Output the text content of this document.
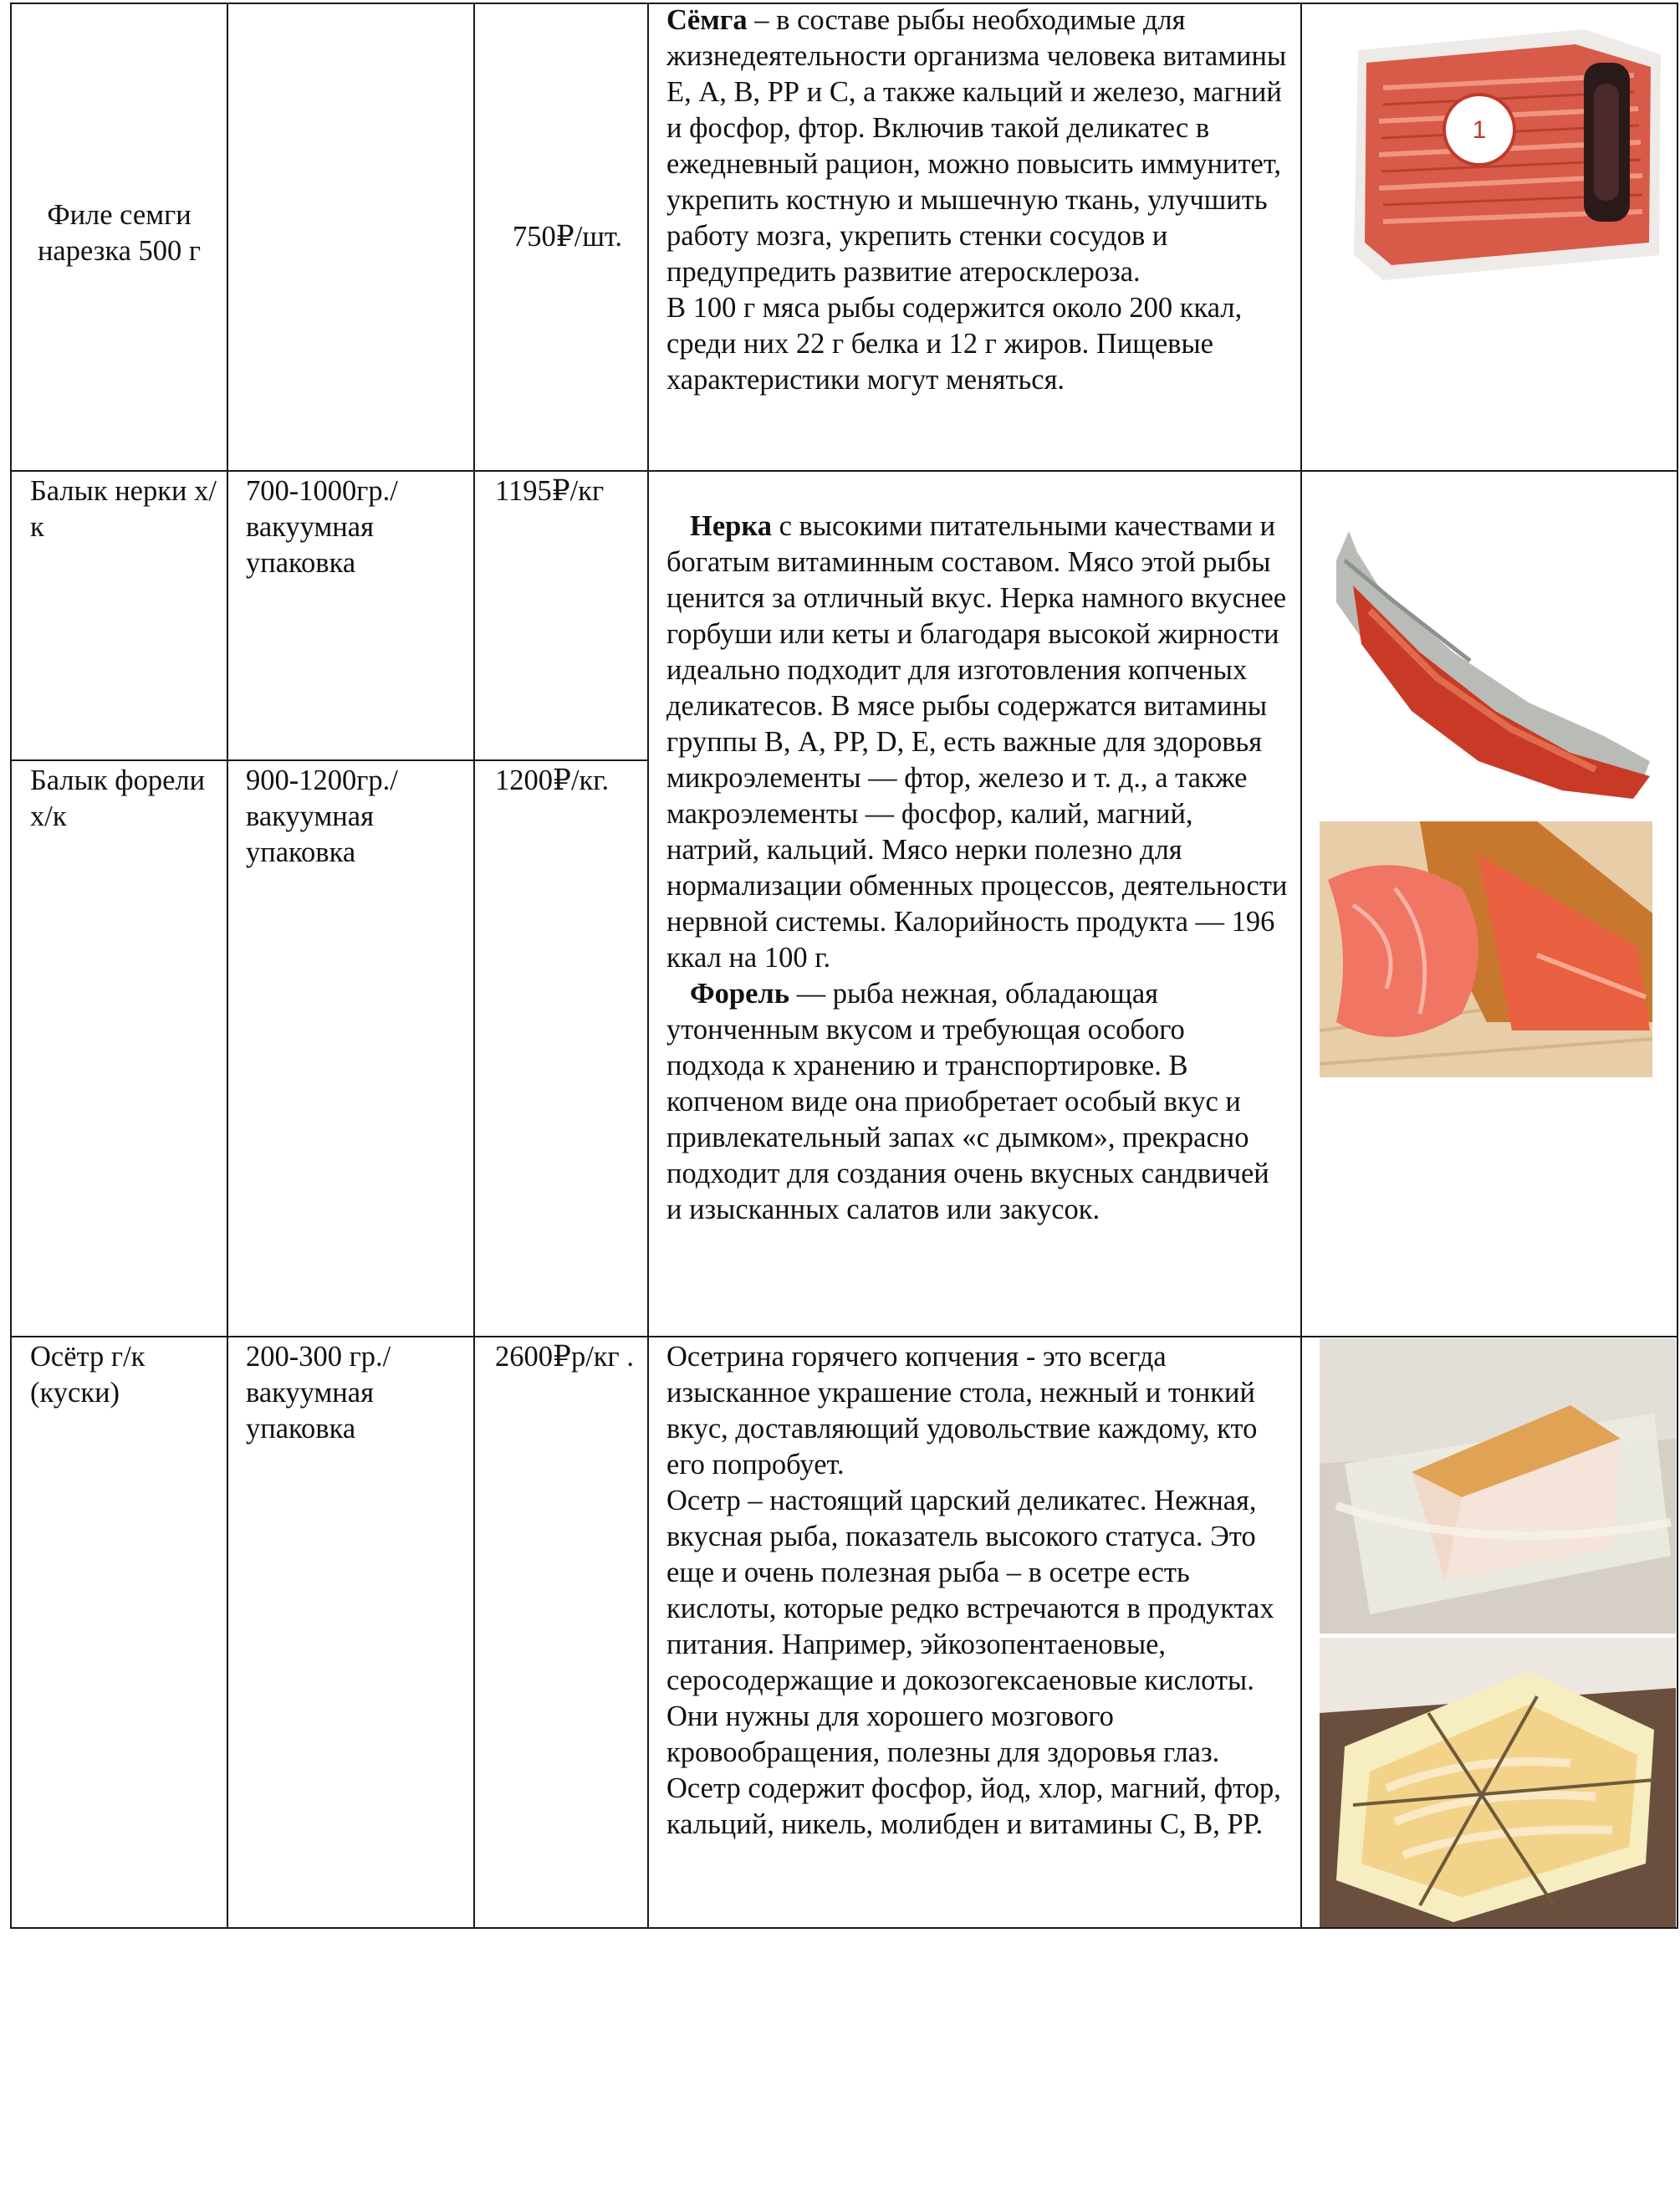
Филе семги нарезка 500 г	750₽/шт.

Сёмга – в составе рыбы необходимые для жизнедеятельности организма человека витамины Е, А, В, РР и С, а также кальций и железо, магний и фосфор, фтор. Включив такой деликатес в ежедневный рацион, можно повысить иммунитет, укрепить костную и мышечную ткань, улучшить работу мозга, укрепить стенки сосудов и предупредить развитие атеросклероза.

В 100 г мяса рыбы содержится около 200 ккал, среди них 22 г белка и 12 г жиров. Пищевые характеристики могут меняться.

1
Балык нерки х/к
700-1000гр./ вакуумная упаковка
1195₽/кг
Балык форели х/к
900-1200гр./ вакуумная упаковка
1200₽/кг.

Нерка с высокими питательными качествами и богатым витаминным составом. Мясо этой рыбы ценится за отличный вкус. Нерка намного вкуснее горбуши или кеты и благодаря высокой жирности идеально подходит для изготовления копченых деликатесов. В мясе рыбы содержатся витамины группы В, А, РР, D, Е, есть важные для здоровья микроэлементы — фтор, железо и т. д., а также макроэлементы — фосфор, калий, магний, натрий, кальций. Мясо нерки полезно для нормализации обменных процессов, деятельности нервной системы. Калорийность продукта — 196 ккал на 100 г.

Форель — рыба нежная, обладающая утонченным вкусом и требующая особого подхода к хранению и транспортировке. В копченом виде она приобретает особый вкус и привлекательный запах «с дымком», прекрасно подходит для создания очень вкусных сандвичей и изысканных салатов или закусок.

Осётр г/к (куски)
200-300 гр./ вакуумная упаковка
2600₽р/кг .	Осетрина горячего копчения - это всегда изысканное украшение стола, нежный и тонкий вкус, доставляющий удовольствие каждому, кто его попробует.

Осетр – настоящий царский деликатес. Нежная, вкусная рыба, показатель высокого статуса. Это еще и очень полезная рыба – в осетре есть кислоты, которые редко встречаются в продуктах питания. Например, эйкозопентаеновые, серосодержащие и докозогексаеновые кислоты. Они нужны для хорошего мозгового кровообращения, полезны для здоровья глаз. Осетр содержит фосфор, йод, хлор, магний, фтор, кальций, никель, молибден и витамины С, В, РР.
